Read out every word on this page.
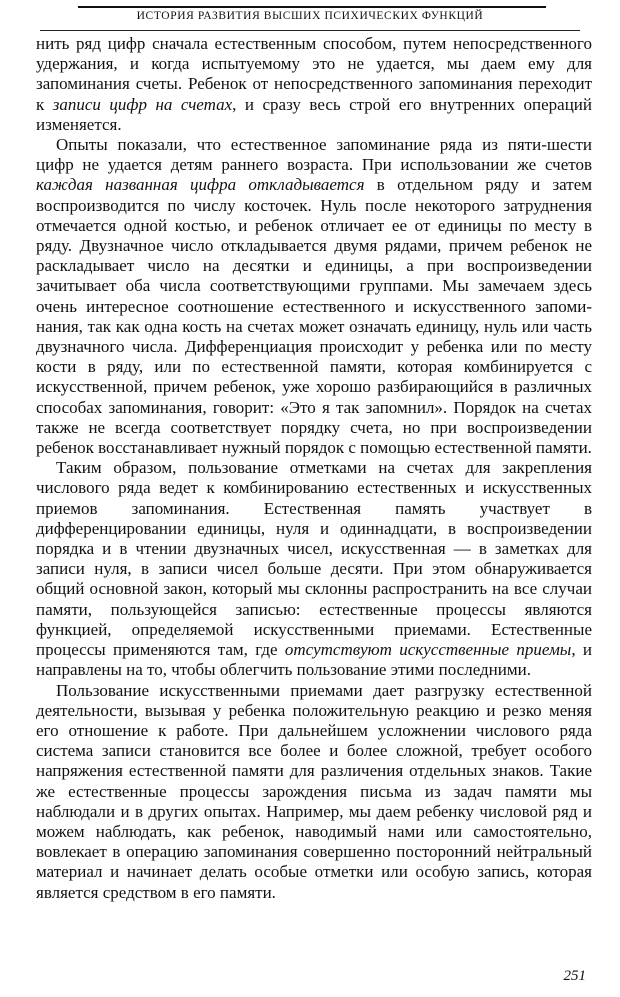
ИСТОРИЯ РАЗВИТИЯ ВЫСШИХ ПСИХИЧЕСКИХ ФУНКЦИЙ

нить ряд цифр сначала естественным способом, путем непосредственного удержания, и когда испытуемому это не удается, мы даем ему для запоминания счеты. Ребенок от непосредственного запоминания переходит к записи цифр на счетах, и сразу весь строй его внутренних операций изменяется.

Опыты показали, что естественное запоминание ряда из пяти-шести цифр не удается детям раннего возраста. При использовании же счетов каждая названная цифра откладывается в отдельном ряду и затем воспроизводится по числу косточек. Нуль после некоторого затруднения отмечается одной костью, и ребенок отличает ее от единицы по месту в ряду. Двузначное число откладывается двумя рядами, причем ребенок не раскладывает число на десятки и единицы, а при воспроизведении зачитывает оба числа соответствующими группами. Мы замечаем здесь очень интересное соотношение естественного и искусственного запоминания, так как одна кость на счетах может означать единицу, нуль или часть двузначного числа. Дифференциация происходит у ребенка или по месту кости в ряду, или по естественной памяти, которая комбинируется с искусственной, причем ребенок, уже хорошо разбирающийся в различных способах запоминания, говорит: «Это я так запомнил». Порядок на счетах также не всегда соответствует порядку счета, но при воспроизведении ребенок восстанавливает нужный порядок с помощью естественной памяти.

Таким образом, пользование отметками на счетах для закрепления числового ряда ведет к комбинированию естественных и искусственных приемов запоминания. Естественная память участвует в дифференцировании единицы, нуля и одиннадцати, в воспроизведении порядка и в чтении двузначных чисел, искусственная — в заметках для записи нуля, в записи чисел больше десяти. При этом обнаруживается общий основной закон, который мы склонны распространить на все случаи памяти, пользующейся записью: естественные процессы являются функцией, определяемой искусственными приемами. Естественные процессы применяются там, где отсутствуют искусственные приемы, и направлены на то, чтобы облегчить пользование этими последними.

Пользование искусственными приемами дает разгрузку естественной деятельности, вызывая у ребенка положительную реакцию и резко меняя его отношение к работе. При дальнейшем усложнении числового ряда система записи становится все более и более сложной, требует особого напряжения естественной памяти для различения отдельных знаков. Такие же естественные процессы зарождения письма из задач памяти мы наблюдали и в других опытах. Например, мы даем ребенку числовой ряд и можем наблюдать, как ребенок, наводимый нами или самостоятельно, вовлекает в операцию запоминания совершенно посторонний нейтральный материал и начинает делать особые отметки или особую запись, которая является средством в его памяти.

251
